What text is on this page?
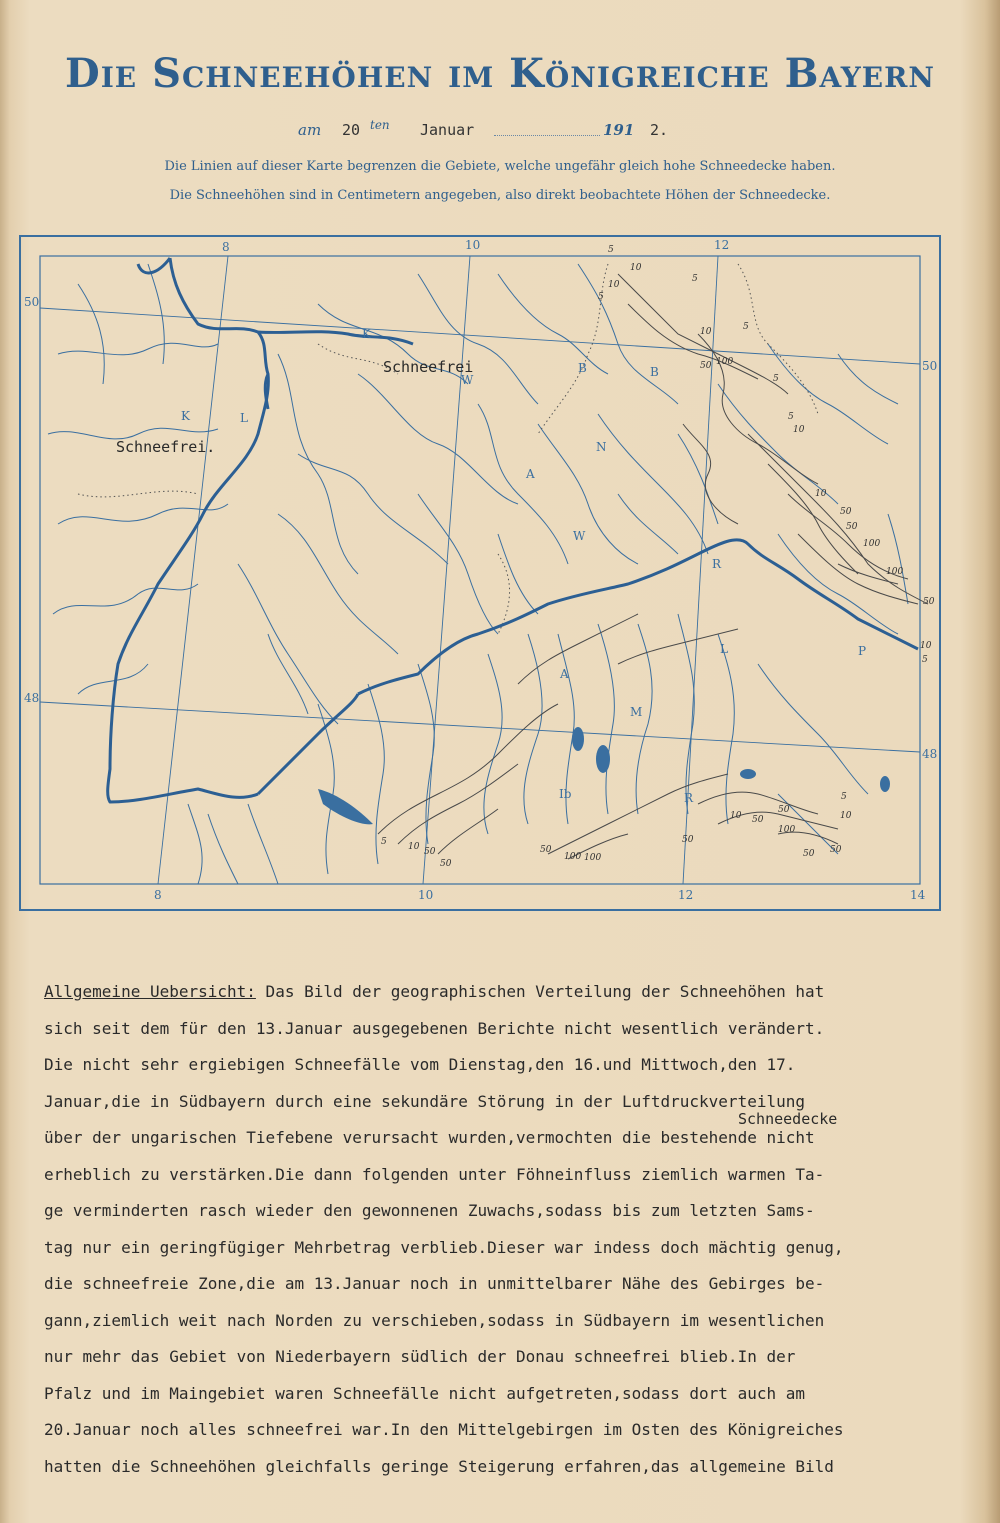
Die Schneehöhen im Königreiche Bayern
am 20 ten Januar	191 2.
Die Linien auf dieser Karte begrenzen die Gebiete, welche ungefähr gleich hohe Schneedecke haben.
Die Schneehöhen sind in Centimetern angegeben, also direkt beobachtete Höhen der Schneedecke.
8	10	12
8	10	12	14
50
50
48
48
Schneefrei.
Schneefrei
K
K	L
W
B	B
N
A
W
R
L	P
A
M
Ib	R
5
10
5
10
5
5
10
50 100
5
10
5
10
50
50
100
100
50
10
5
5 10 50
50
100 100
50
10 50
50
100
50
5
10
50
50
Allgemeine Uebersicht: Das Bild der geographischen Verteilung der Schneehöhen hat
sich seit dem für den 13.Januar ausgegebenen Berichte nicht wesentlich verändert.
Die nicht sehr ergiebigen Schneefälle vom Dienstag,den 16.und Mittwoch,den 17.
Januar,die in Südbayern durch eine sekundäre Störung in der Luftdruckverteilung
über der ungarischen Tiefebene verursacht wurden,vermochten die bestehende nicht
erheblich zu verstärken.Die dann folgenden unter Föhneinfluss ziemlich warmen Ta-
ge verminderten rasch wieder den gewonnenen Zuwachs,sodass bis zum letzten Sams-
tag nur ein geringfügiger Mehrbetrag verblieb.Dieser war indess doch mächtig genug,
die schneefreie Zone,die am 13.Januar noch in unmittelbarer Nähe des Gebirges be-
gann,ziemlich weit nach Norden zu verschieben,sodass in Südbayern im wesentlichen
nur mehr das Gebiet von Niederbayern südlich der Donau schneefrei blieb.In der
Pfalz und im Maingebiet waren Schneefälle nicht aufgetreten,sodass dort auch am
20.Januar noch alles schneefrei war.In den Mittelgebirgen im Osten des Königreiches
hatten die Schneehöhen gleichfalls geringe Steigerung erfahren,das allgemeine Bild
Schneedecke
